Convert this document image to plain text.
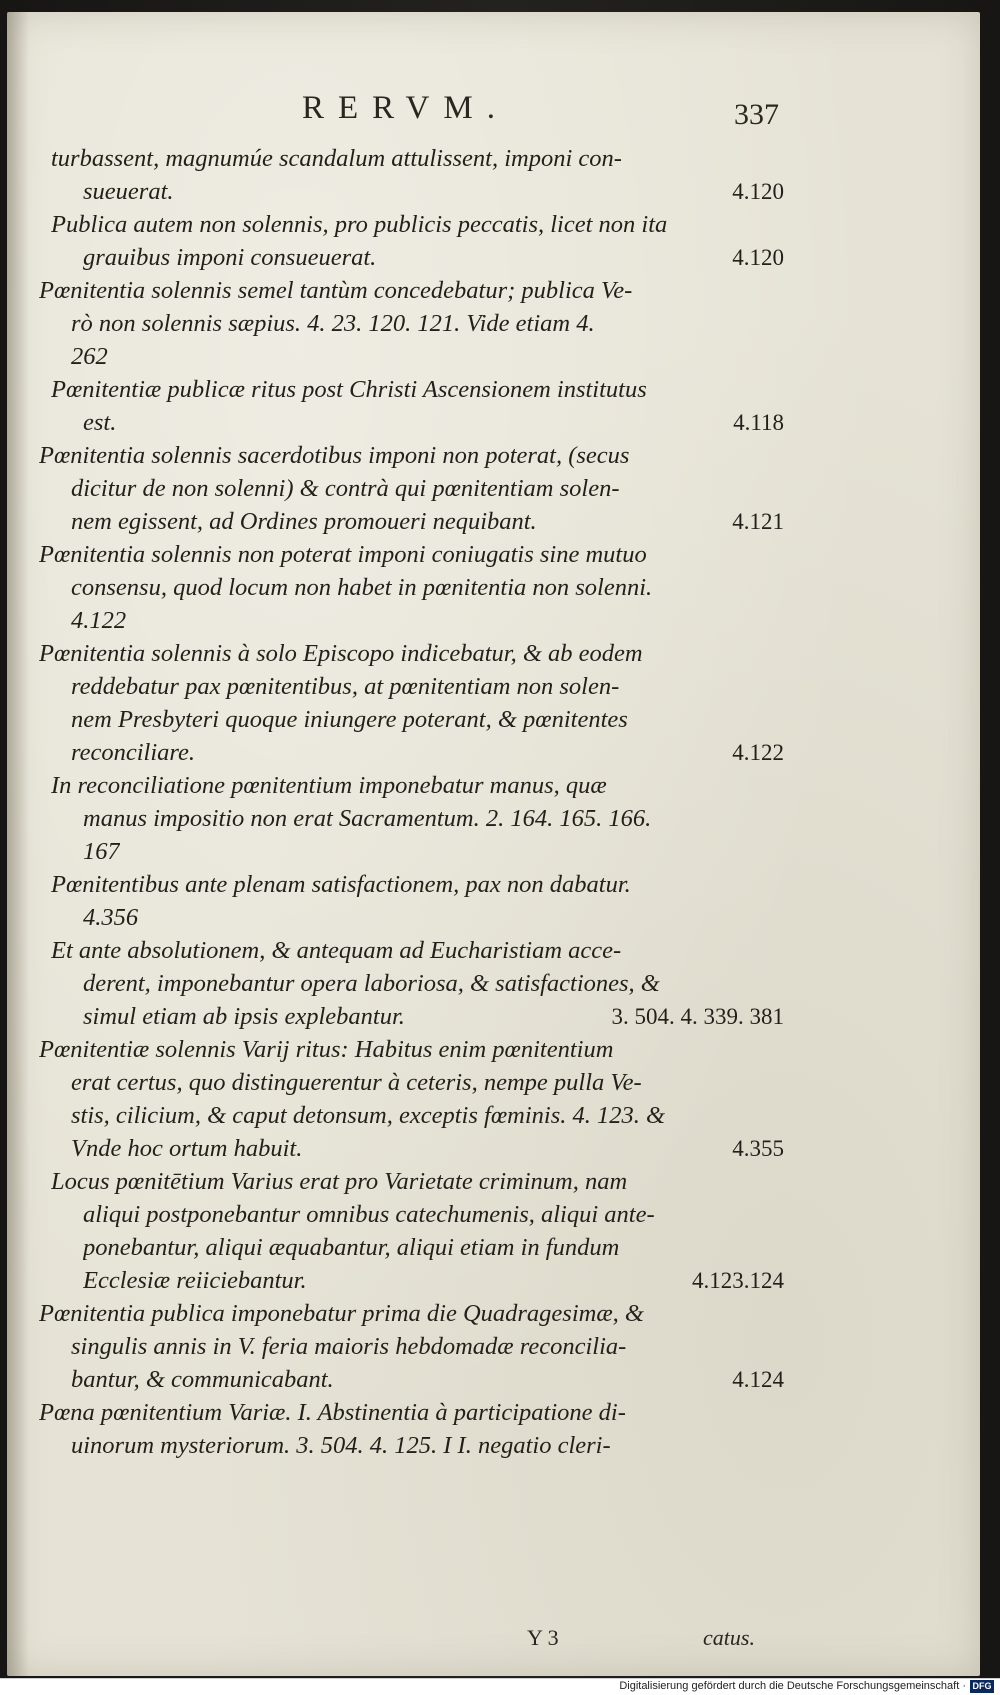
RERVM.	337
turbassent, magnumúe scandalum attulissent, imponi con-
sueuerat.	4.120
Publica autem non solennis, pro publicis peccatis, licet non ita
grauibus imponi consueuerat.	4.120
Pœnitentia solennis semel tantùm concedebatur; publica Ve-
rò non solennis sæpius. 4. 23. 120. 121. Vide etiam 4.
262
Pœnitentiæ publicæ ritus post Christi Ascensionem institutus
est.	4.118
Pœnitentia solennis sacerdotibus imponi non poterat, (secus
dicitur de non solenni) & contrà qui pœnitentiam solen-
nem egissent, ad Ordines promoueri nequibant.	4.121
Pœnitentia solennis non poterat imponi coniugatis sine mutuo
consensu, quod locum non habet in pœnitentia non solenni.
4.122
Pœnitentia solennis à solo Episcopo indicebatur, & ab eodem
reddebatur pax pœnitentibus, at pœnitentiam non solen-
nem Presbyteri quoque iniungere poterant, & pœnitentes
reconciliare.	4.122
In reconciliatione pœnitentium imponebatur manus, quæ
manus impositio non erat Sacramentum. 2. 164. 165. 166.
167
Pœnitentibus ante plenam satisfactionem, pax non dabatur.
4.356
Et ante absolutionem, & antequam ad Eucharistiam acce-
derent, imponebantur opera laboriosa, & satisfactiones, &
simul etiam ab ipsis explebantur.	3. 504. 4. 339. 381
Pœnitentiæ solennis Varij ritus: Habitus enim pœnitentium
erat certus, quo distinguerentur à ceteris, nempe pulla Ve-
stis, cilicium, & caput detonsum, exceptis fœminis. 4. 123. &
Vnde hoc ortum habuit.	4.355
Locus pœnitētium Varius erat pro Varietate criminum, nam
aliqui postponebantur omnibus catechumenis, aliqui ante-
ponebantur, aliqui æquabantur, aliqui etiam in fundum
Ecclesiæ reiiciebantur.	4.123.124
Pœnitentia publica imponebatur prima die Quadragesimæ, &
singulis annis in V. feria maioris hebdomadæ reconcilia-
bantur, & communicabant.	4.124
Pœna pœnitentium Variæ. I. Abstinentia à participatione di-
uinorum mysteriorum. 3. 504. 4. 125. I I. negatio cleri-
Y 3	catus.
Digitalisierung gefördert durch die Deutsche Forschungsgemeinschaft · DFG
